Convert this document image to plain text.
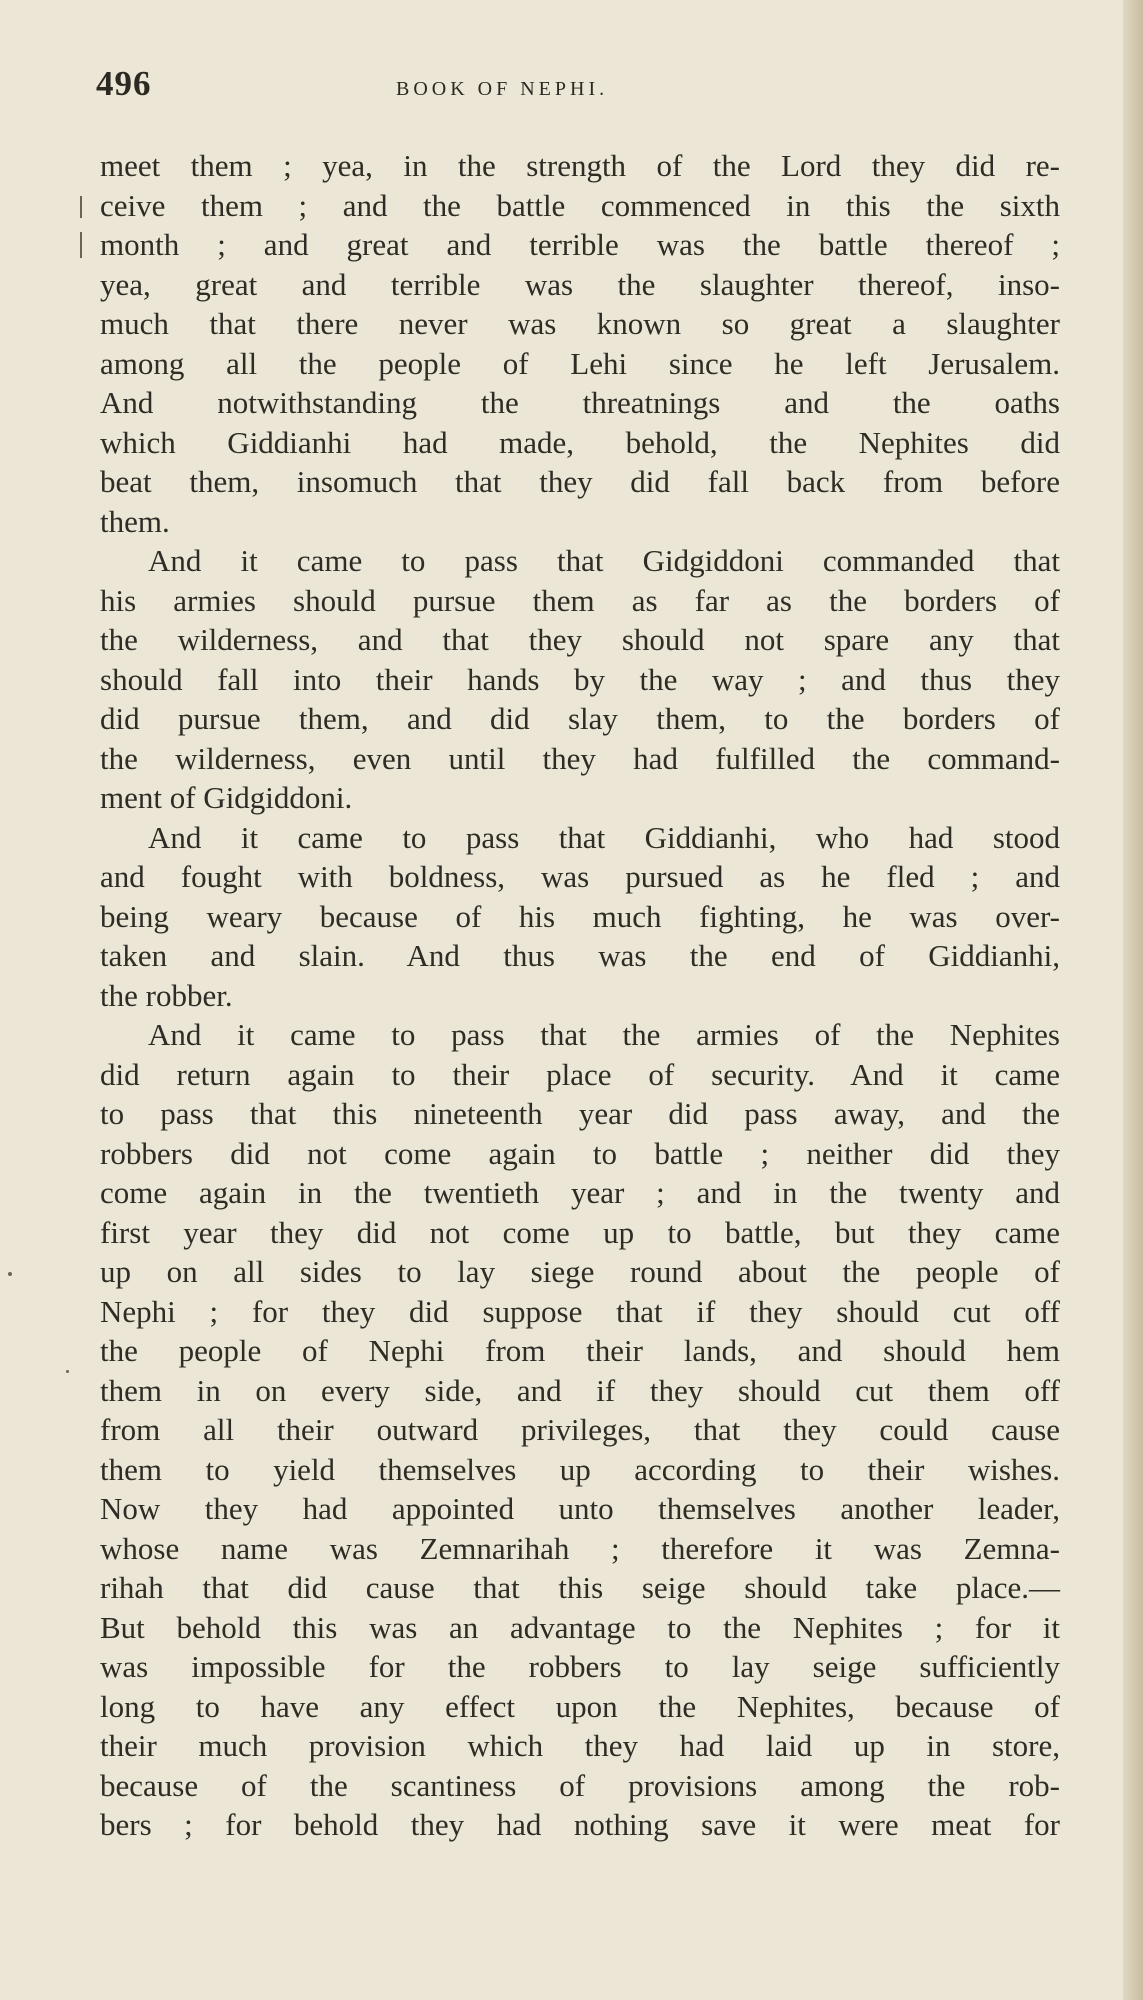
496	BOOK OF NEPHI.
meet them ; yea, in the strength of the Lord they did re-
ceive them ; and the battle commenced in this the sixth
month ; and great and terrible was the battle thereof ;
yea, great and terrible was the slaughter thereof, inso-
much that there never was known so great a slaughter
among all the people of Lehi since he left Jerusalem.
And notwithstanding the threatnings and the oaths
which Giddianhi had made, behold, the Nephites did
beat them, insomuch that they did fall back from before
them.
And it came to pass that Gidgiddoni commanded that
his armies should pursue them as far as the borders of
the wilderness, and that they should not spare any that
should fall into their hands by the way ; and thus they
did pursue them, and did slay them, to the borders of
the wilderness, even until they had fulfilled the command-
ment of Gidgiddoni.
And it came to pass that Giddianhi, who had stood
and fought with boldness, was pursued as he fled ; and
being weary because of his much fighting, he was over-
taken and slain. And thus was the end of Giddianhi,
the robber.
And it came to pass that the armies of the Nephites
did return again to their place of security. And it came
to pass that this nineteenth year did pass away, and the
robbers did not come again to battle ; neither did they
come again in the twentieth year ; and in the twenty and
first year they did not come up to battle, but they came
up on all sides to lay siege round about the people of
Nephi ; for they did suppose that if they should cut off
the people of Nephi from their lands, and should hem
them in on every side, and if they should cut them off
from all their outward privileges, that they could cause
them to yield themselves up according to their wishes.
Now they had appointed unto themselves another leader,
whose name was Zemnarihah ; therefore it was Zemna-
rihah that did cause that this seige should take place.—
But behold this was an advantage to the Nephites ; for it
was impossible for the robbers to lay seige sufficiently
long to have any effect upon the Nephites, because of
their much provision which they had laid up in store,
because of the scantiness of provisions among the rob-
bers ; for behold they had nothing save it were meat for
